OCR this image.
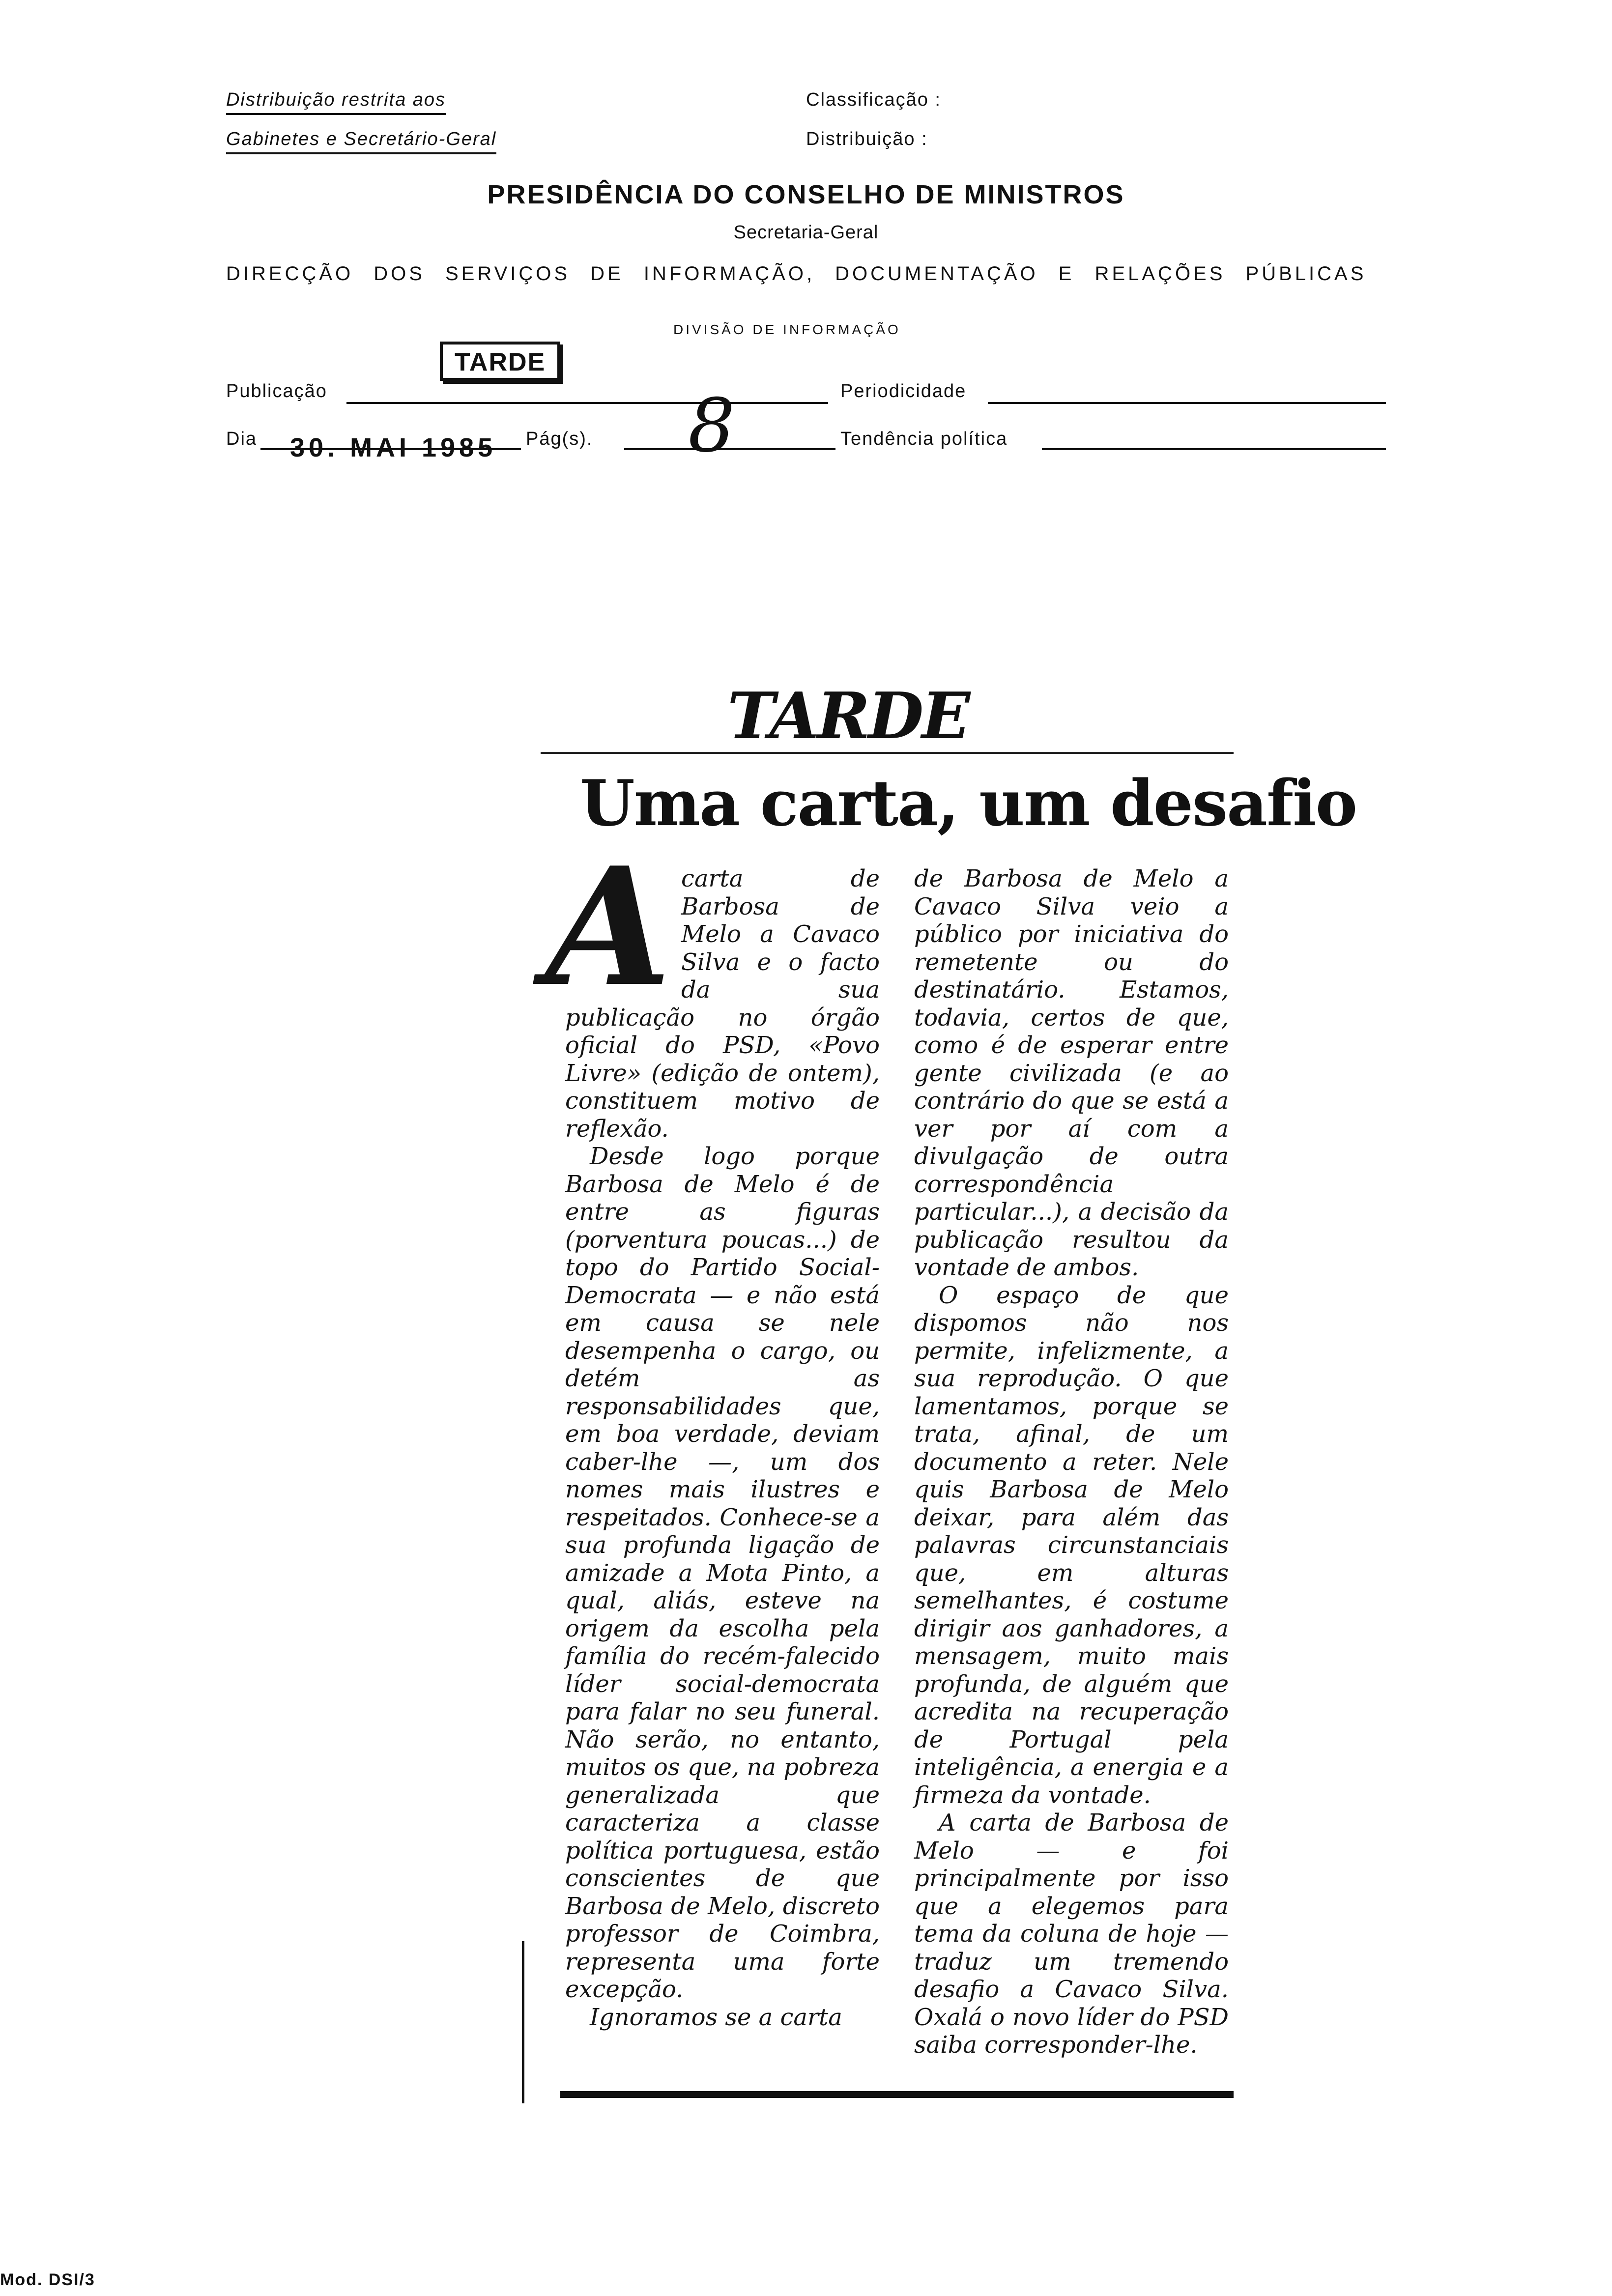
Distribuição restrita aos
Gabinetes e Secretário-Geral
Classificação :
Distribuição :
PRESIDÊNCIA DO CONSELHO DE MINISTROS
Secretaria-Geral
DIRECÇÃO DOS SERVIÇOS DE INFORMAÇÃO, DOCUMENTAÇÃO E RELAÇÕES PÚBLICAS
DIVISÃO DE INFORMAÇÃO
Publicação
TARDE
Periodicidade
Dia 30. MAI 1985 Pág(s). 8	Tendência política
TARDE
Uma carta, um desafio

Acarta de Barbosa de Melo a Cavaco Silva e o facto da sua publicação no órgão oficial do PSD, «Povo Livre» (edição de ontem), constituem motivo de reflexão.

Desde logo porque Barbosa de Melo é de entre as figuras (porventura poucas...) de topo do Partido Social-Democrata — e não está em causa se nele desempenha o cargo, ou detém as responsabilidades que, em boa verdade, deviam caber-lhe —, um dos nomes mais ilustres e respeitados. Conhece-se a sua profunda ligação de amizade a Mota Pinto, a qual, aliás, esteve na origem da escolha pela família do recém-falecido líder social-democrata para falar no seu funeral. Não serão, no entanto, muitos os que, na pobreza generalizada que caracteriza a classe política portuguesa, estão conscientes de que Barbosa de Melo, discreto professor de Coimbra, representa uma forte excepção.

Ignoramos se a carta

de Barbosa de Melo a Cavaco Silva veio a público por iniciativa do remetente ou do destinatário. Estamos, todavia, certos de que, como é de esperar entre gente civilizada (e ao contrário do que se está a ver por aí com a divulgação de outra correspondência particular...), a decisão da publicação resultou da vontade de ambos.

O espaço de que dispomos não nos permite, infelizmente, a sua reprodução. O que lamentamos, porque se trata, afinal, de um documento a reter. Nele quis Barbosa de Melo deixar, para além das palavras circunstanciais que, em alturas semelhantes, é costume dirigir aos ganhadores, a mensagem, muito mais profunda, de alguém que acredita na recuperação de Portugal pela inteligência, a energia e a firmeza da vontade.

A carta de Barbosa de Melo — e foi principalmente por isso que a elegemos para tema da coluna de hoje — traduz um tremendo desafio a Cavaco Silva. Oxalá o novo líder do PSD saiba corresponder-lhe.

Mod. DSI/3
